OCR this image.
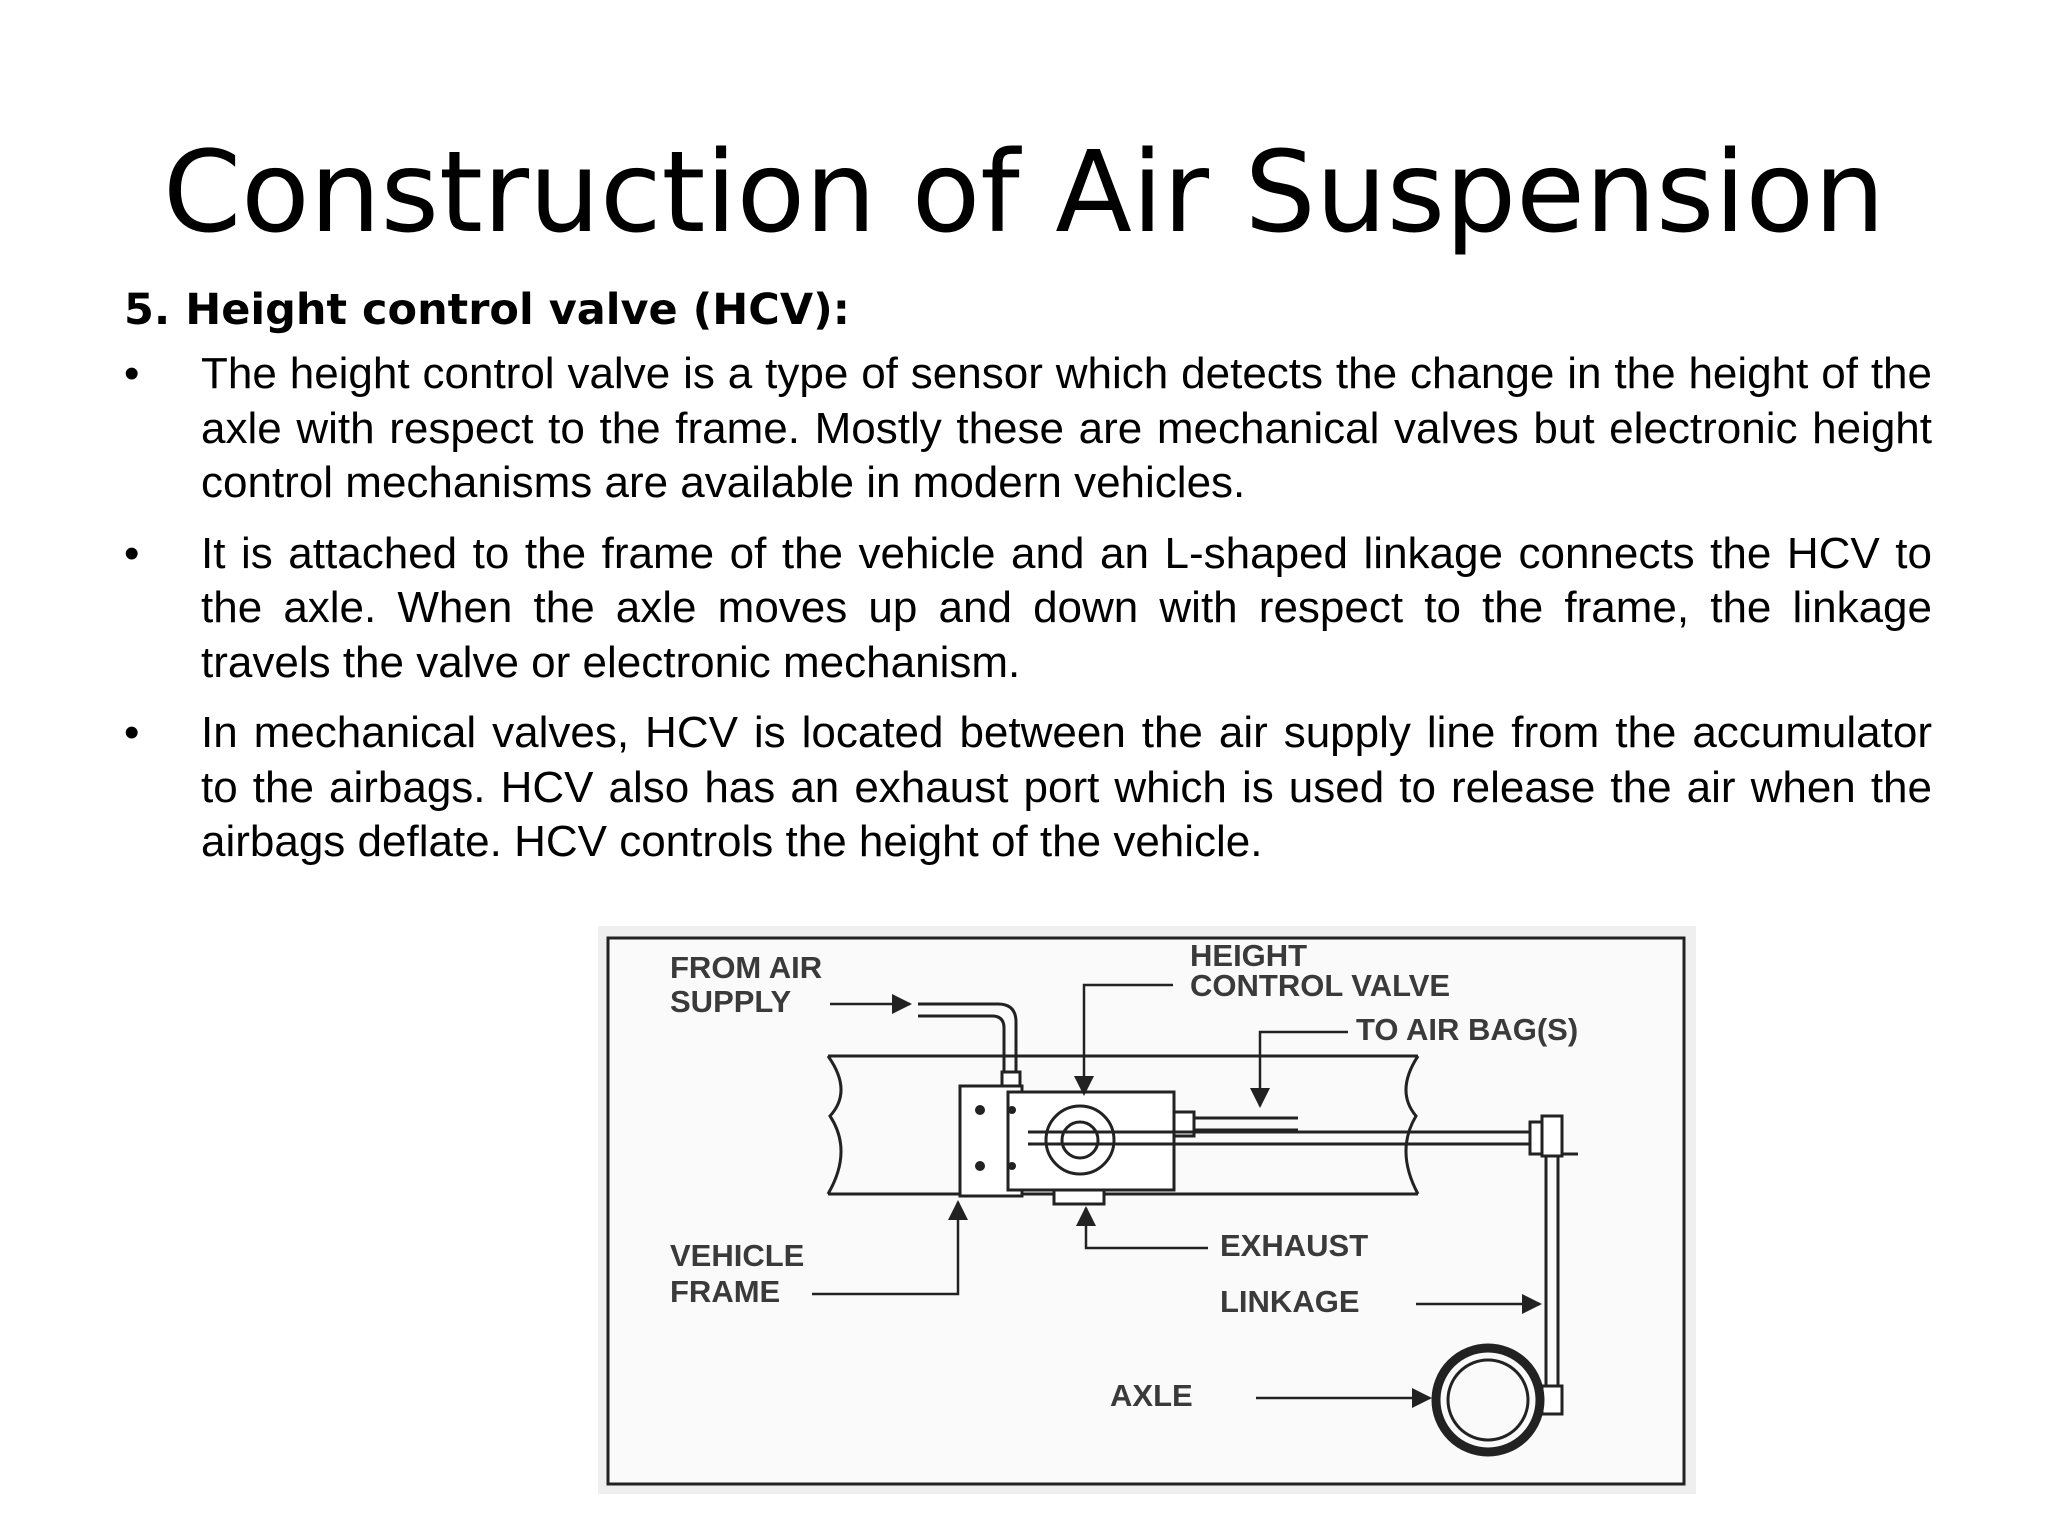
Construction of Air Suspension
5. Height control valve (HCV):
•	The height control valve is a type of sensor which detects the change in the height of the axle with respect to the frame. Mostly these are mechanical valves but electronic height control mechanisms are available in modern vehicles.
•	It is attached to the frame of the vehicle and an L-shaped linkage connects the HCV to the axle. When the axle moves up and down with respect to the frame, the linkage travels the valve or electronic mechanism.
•	In mechanical valves, HCV is located between the air supply line from the accumulator to the airbags. HCV also has an exhaust port which is used to release the air when the airbags deflate. HCV controls the height of the vehicle.
FROM AIR
SUPPLY
HEIGHT
CONTROL VALVE
TO AIR BAG(S)
VEHICLE
FRAME
EXHAUST
LINKAGE
AXLE
